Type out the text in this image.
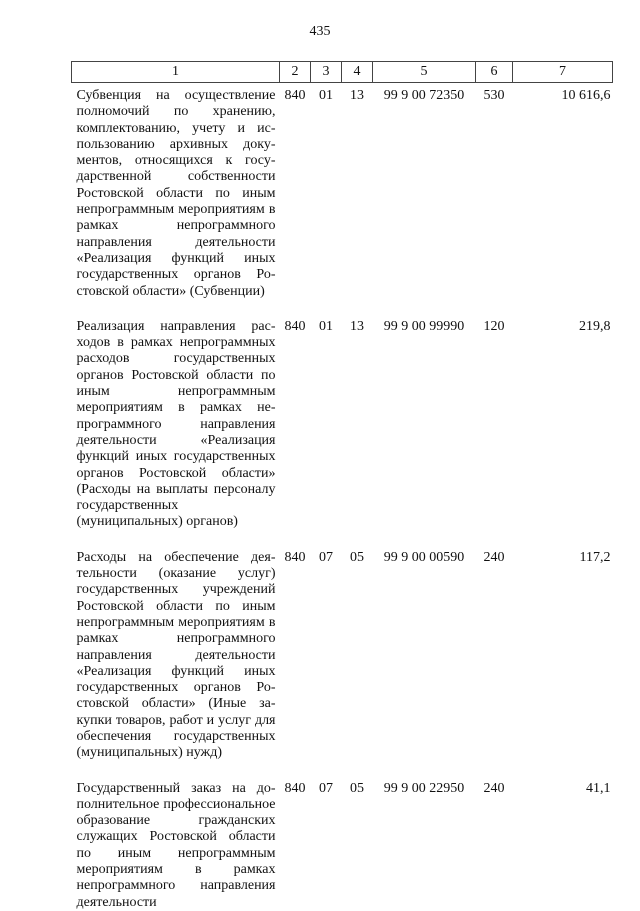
435
1	2	3	4	5	6	7
Субвенция на осуществление полномочий по хранению, комплектованию, учету и использованию архивных документов, относящихся к государственной собственности Ростовской области по иным непрограммным мероприятиям в рамках непрограммного направления деятельности «Реализация функций иных государственных органов Ростовской области» (Субвенции)	840	01	13	99 9 00 72350	530	10 616,6
Реализация направления расходов в рамках непрограммных расходов государственных органов Ростовской области по иным непрограммным мероприятиям в рамках непрограммного направления деятельности «Реализация функций иных государственных органов Ростовской области» (Расходы на выплаты персоналу государственных (муниципальных) органов)	840	01	13	99 9 00 99990	120	219,8
Расходы на обеспечение деятельности (оказание услуг) государственных учреждений Ростовской области по иным непрограммным мероприятиям в рамках непрограммного направления деятельности «Реализация функций иных государственных органов Ростовской области» (Иные закупки товаров, работ и услуг для обеспечения государственных (муниципальных) нужд)	840	07	05	99 9 00 00590	240	117,2
Государственный заказ на дополнительное профессиональное образование гражданских служащих Ростовской области по иным непрограммным мероприятиям в рамках непрограммного направления деятельности	840	07	05	99 9 00 22950	240	41,1
